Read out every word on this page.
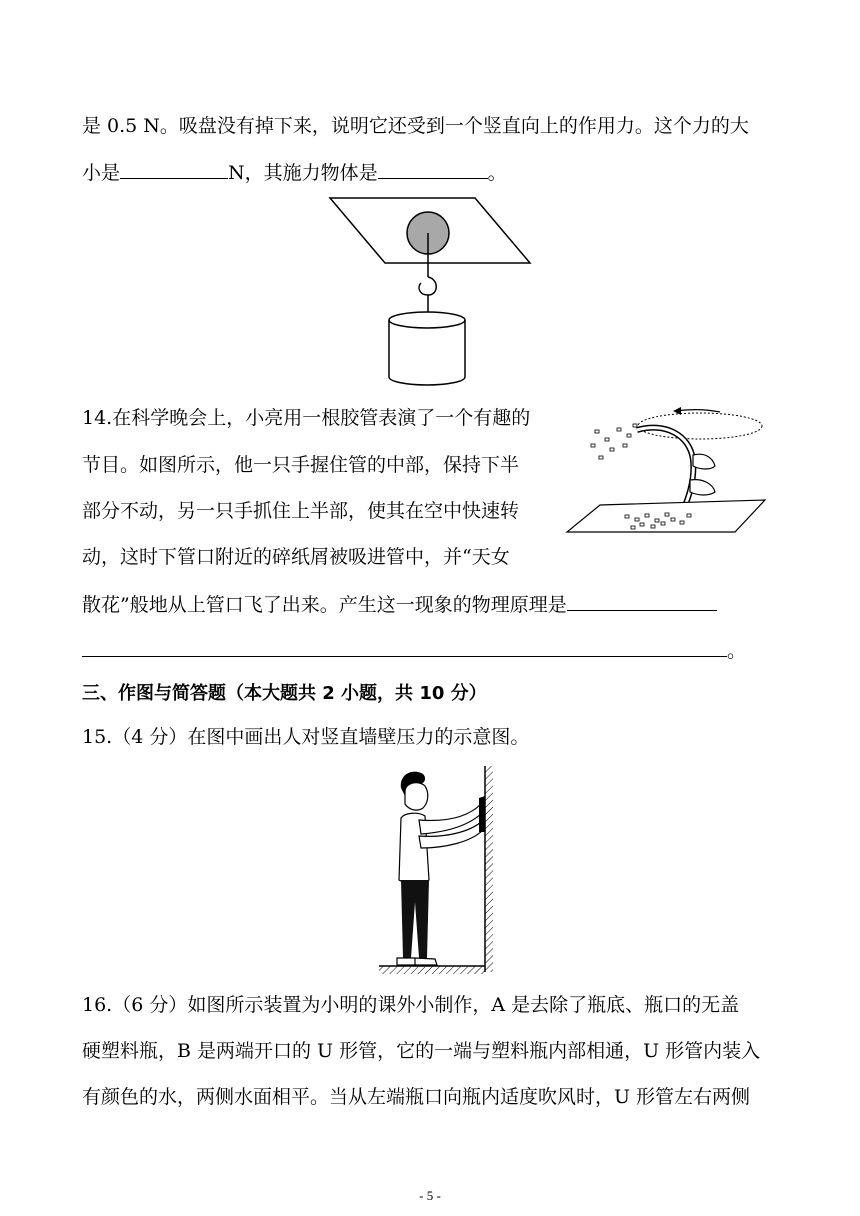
是 0.5 N。吸盘没有掉下来，说明它还受到一个竖直向上的作用力。这个力的大
小是	N，其施力物体是	。
14.在科学晚会上，小亮用一根胶管表演了一个有趣的
节目。如图所示，他一只手握住管的中部，保持下半
部分不动，另一只手抓住上半部，使其在空中快速转
动，这时下管口附近的碎纸屑被吸进管中，并“天女
散花”般地从上管口飞了出来。产生这一现象的物理原理是
。
三、作图与简答题（本大题共 2 小题，共 10 分）
15.（4 分）在图中画出人对竖直墙壁压力的示意图。
16.（6 分）如图所示装置为小明的课外小制作，A 是去除了瓶底、瓶口的无盖
硬塑料瓶，B 是两端开口的 U 形管，它的一端与塑料瓶内部相通，U 形管内装入
有颜色的水，两侧水面相平。当从左端瓶口向瓶内适度吹风时，U 形管左右两侧
- 5 -
